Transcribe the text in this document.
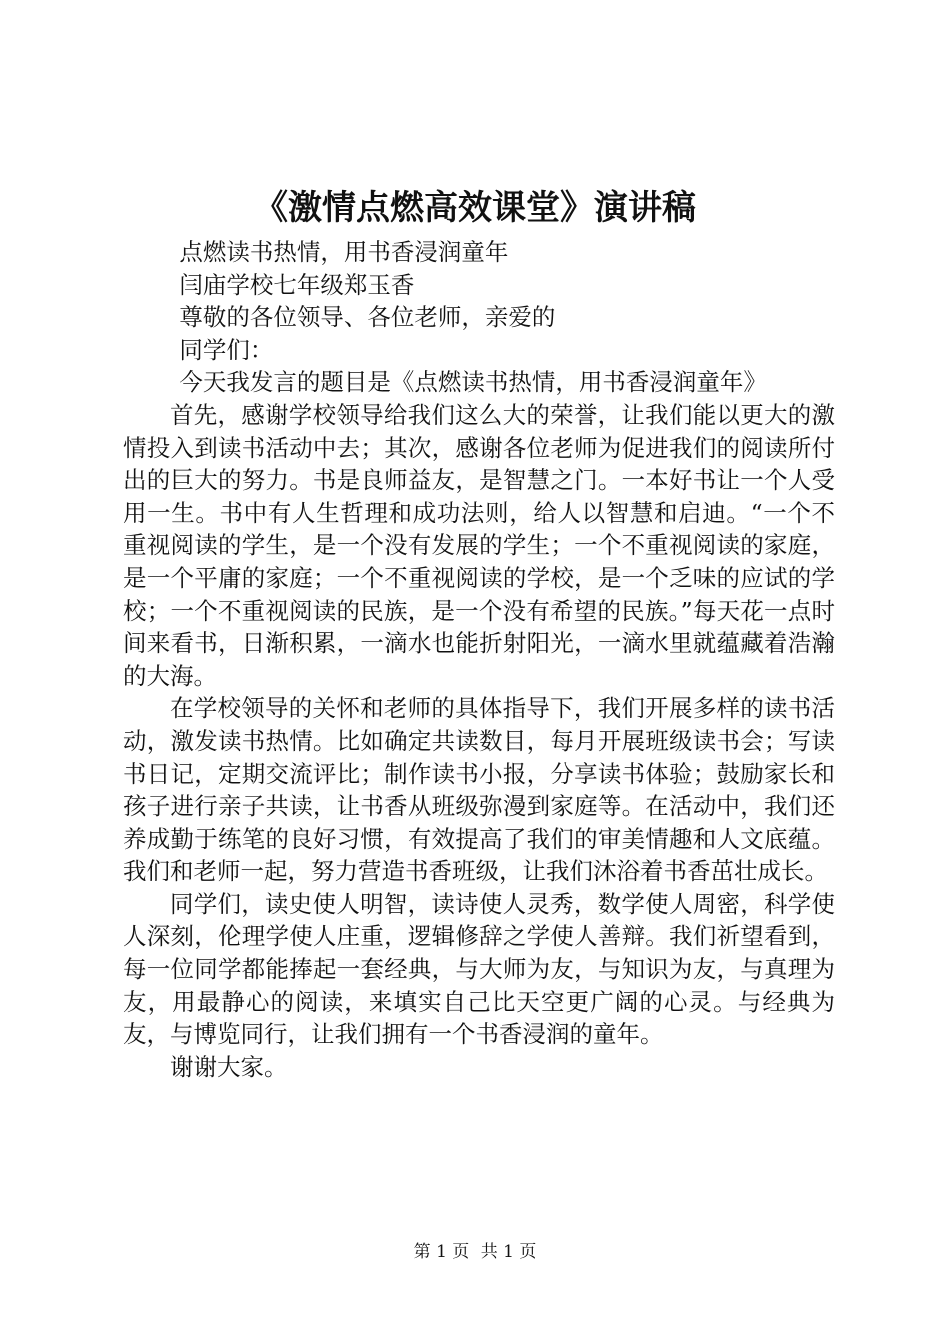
《激情点燃高效课堂》演讲稿

点燃读书热情，用书香浸润童年

闫庙学校七年级郑玉香

尊敬的各位领导、各位老师，亲爱的

同学们：

今天我发言的题目是《点燃读书热情，用书香浸润童年》

首先，感谢学校领导给我们这么大的荣誉，让我们能以更大的激情投入到读书活动中去；其次，感谢各位老师为促进我们的阅读所付出的巨大的努力。书是良师益友，是智慧之门。一本好书让一个人受用一生。书中有人生哲理和成功法则，给人以智慧和启迪。“一个不重视阅读的学生，是一个没有发展的学生；一个不重视阅读的家庭，是一个平庸的家庭；一个不重视阅读的学校，是一个乏味的应试的学校；一个不重视阅读的民族，是一个没有希望的民族。”每天花一点时间来看书，日渐积累，一滴水也能折射阳光，一滴水里就蕴藏着浩瀚的大海。

在学校领导的关怀和老师的具体指导下，我们开展多样的读书活动，激发读书热情。比如确定共读数目，每月开展班级读书会；写读书日记，定期交流评比；制作读书小报，分享读书体验；鼓励家长和孩子进行亲子共读，让书香从班级弥漫到家庭等。在活动中，我们还养成勤于练笔的良好习惯，有效提高了我们的审美情趣和人文底蕴。我们和老师一起，努力营造书香班级，让我们沐浴着书香茁壮成长。

同学们，读史使人明智，读诗使人灵秀，数学使人周密，科学使人深刻，伦理学使人庄重，逻辑修辞之学使人善辩。我们祈望看到，每一位同学都能捧起一套经典，与大师为友，与知识为友，与真理为友，用最静心的阅读，来填实自己比天空更广阔的心灵。与经典为友，与博览同行，让我们拥有一个书香浸润的童年。

谢谢大家。

第 1 页 共 1 页
